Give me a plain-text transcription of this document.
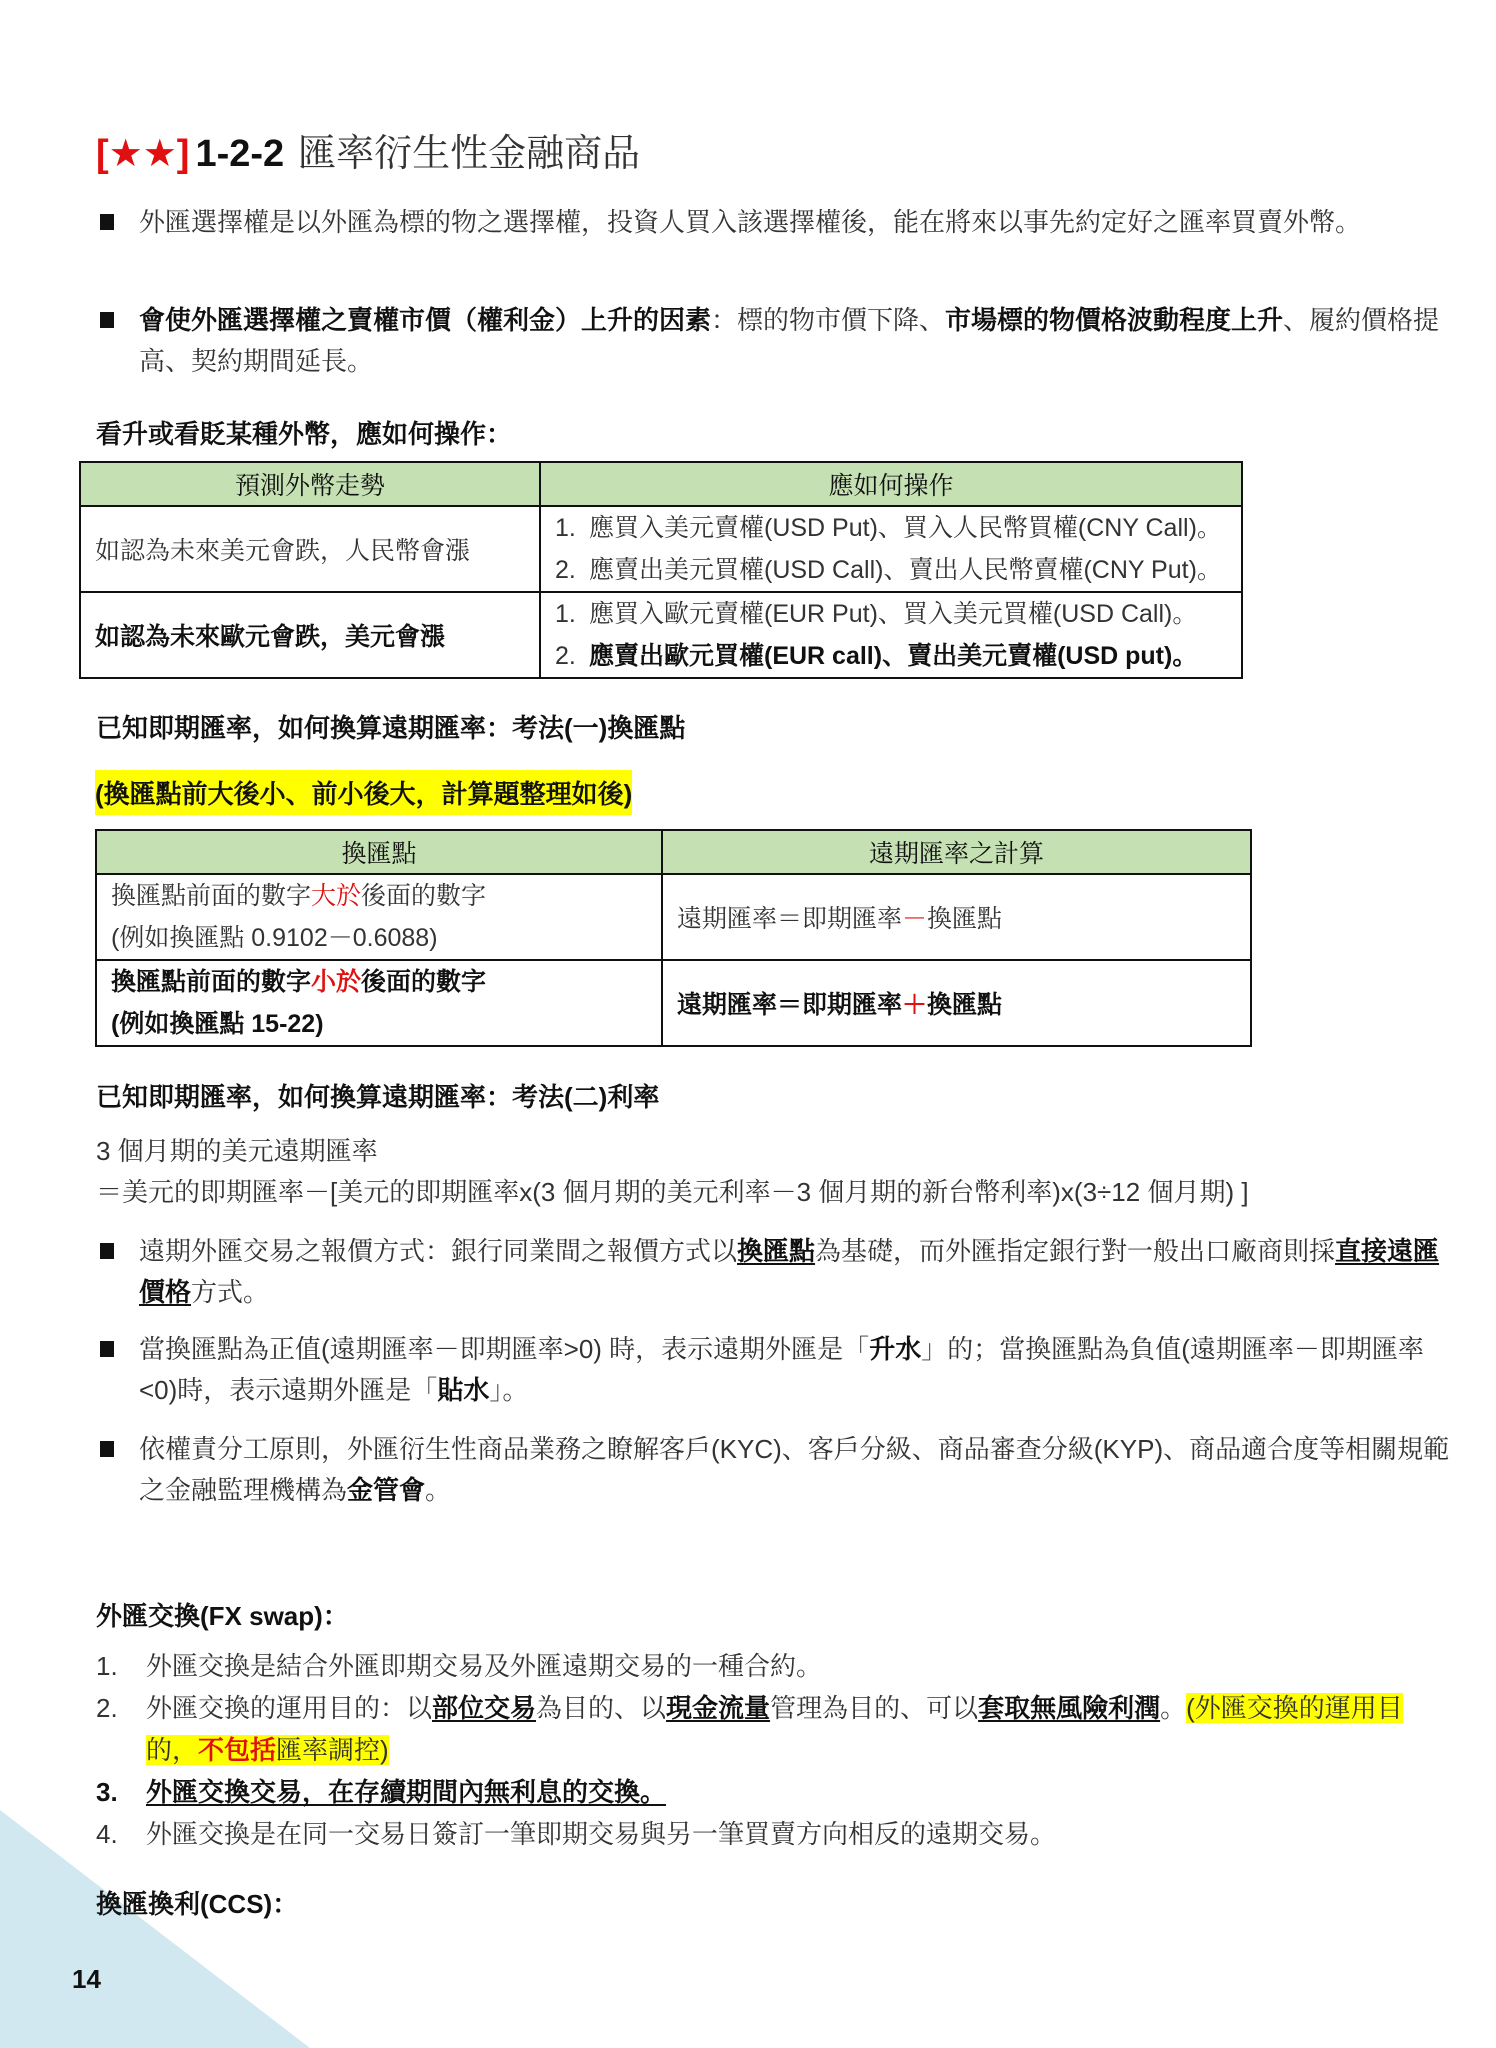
[★★] 1-2-2 匯率衍生性金融商品
外匯選擇權是以外匯為標的物之選擇權，投資人買入該選擇權後，能在將來以事先約定好之匯率買賣外幣。
會使外匯選擇權之賣權市價（權利金）上升的因素：標的物市價下降、市場標的物價格波動程度上升、履約價格提高、契約期間延長。
看升或看貶某種外幣，應如何操作：
預測外幣走勢	應如何操作
如認為未來美元會跌，人民幣會漲	1. 應買入美元賣權(USD Put)、買入人民幣買權(CNY Call)。
2. 應賣出美元買權(USD Call)、賣出人民幣賣權(CNY Put)。

如認為未來歐元會跌，美元會漲	1. 應買入歐元賣權(EUR Put)、買入美元買權(USD Call)。
2. 應賣出歐元買權(EUR call)、賣出美元賣權(USD put)。
已知即期匯率，如何換算遠期匯率：考法(一)換匯點
(換匯點前大後小、前小後大，計算題整理如後)
換匯點	遠期匯率之計算

換匯點前面的數字大於後面的數字
(例如換匯點 0.9102－0.6088)	遠期匯率＝即期匯率－換匯點

換匯點前面的數字小於後面的數字
(例如換匯點 15-22)	遠期匯率＝即期匯率＋換匯點
已知即期匯率，如何換算遠期匯率：考法(二)利率
3 個月期的美元遠期匯率
＝美元的即期匯率－[美元的即期匯率x(3 個月期的美元利率－3 個月期的新台幣利率)x(3÷12 個月期) ]
遠期外匯交易之報價方式：銀行同業間之報價方式以換匯點為基礎，而外匯指定銀行對一般出口廠商則採直接遠匯價格方式。
當換匯點為正值(遠期匯率－即期匯率>0) 時，表示遠期外匯是「升水」的；當換匯點為負值(遠期匯率－即期匯率<0)時，表示遠期外匯是「貼水」。
依權責分工原則，外匯衍生性商品業務之瞭解客戶(KYC)、客戶分級、商品審查分級(KYP)、商品適合度等相關規範之金融監理機構為金管會。
外匯交換(FX swap)：
1. 外匯交換是結合外匯即期交易及外匯遠期交易的一種合約。
2. 外匯交換的運用目的：以部位交易為目的、以現金流量管理為目的、可以套取無風險利潤。(外匯交換的運用目的，不包括匯率調控)
3. 外匯交換交易，在存續期間內無利息的交換。
4. 外匯交換是在同一交易日簽訂一筆即期交易與另一筆買賣方向相反的遠期交易。
換匯換利(CCS)：
14
